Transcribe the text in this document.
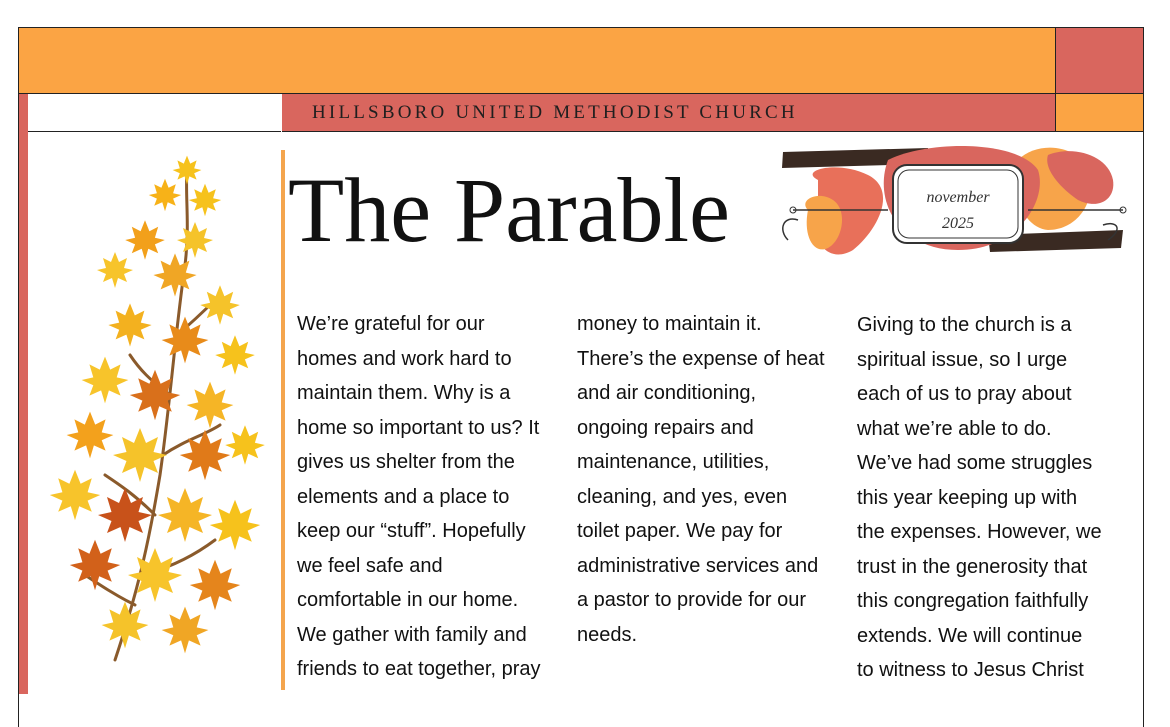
HILLSBORO UNITED METHODIST CHURCH
The Parable	november
2025

We’re grateful for our
homes and work hard to
maintain them. Why is a
home so important to us? It
gives us shelter from the
elements and a place to
keep our “stuff”. Hopefully
we feel safe and
comfortable in our home.
We gather with family and
friends to eat together, pray

money to maintain it.
There’s the expense of heat
and air conditioning,
ongoing repairs and
maintenance, utilities,
cleaning, and yes, even
toilet paper. We pay for
administrative services and
a pastor to provide for our
needs.

Giving to the church is a
spiritual issue, so I urge
each of us to pray about
what we’re able to do.
We’ve had some struggles
this year keeping up with
the expenses. However, we
trust in the generosity that
this congregation faithfully
extends. We will continue
to witness to Jesus Christ
